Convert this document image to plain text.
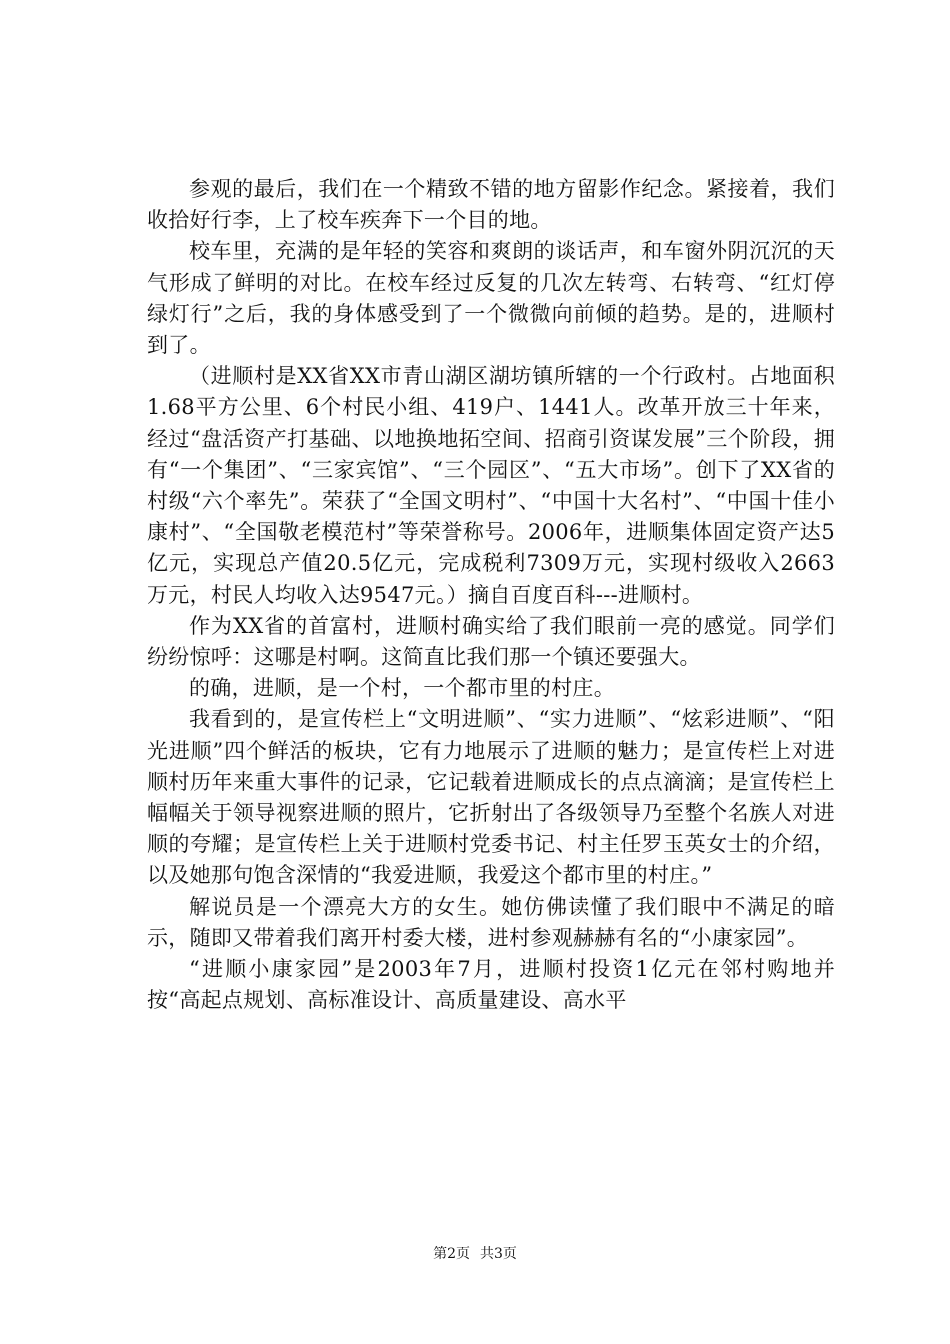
参观的最后，我们在一个精致不错的地方留影作纪念。紧接着，我们收拾好行李，上了校车疾奔下一个目的地。

校车里，充满的是年轻的笑容和爽朗的谈话声，和车窗外阴沉沉的天气形成了鲜明的对比。在校车经过反复的几次左转弯、右转弯、“红灯停绿灯行”之后，我的身体感受到了一个微微向前倾的趋势。是的，进顺村到了。

（进顺村是XX省XX市青山湖区湖坊镇所辖的一个行政村。占地面积1.68平方公里、6个村民小组、419户、1441人。改革开放三十年来，经过“盘活资产打基础、以地换地拓空间、招商引资谋发展”三个阶段，拥有“一个集团”、“三家宾馆”、“三个园区”、“五大市场”。创下了XX省的村级“六个率先”。荣获了“全国文明村”、“中国十大名村”、“中国十佳小康村”、“全国敬老模范村”等荣誉称号。2006年，进顺集体固定资产达5亿元，实现总产值20.5亿元，完成税利7309万元，实现村级收入2663万元，村民人均收入达9547元。）摘自百度百科---进顺村。

作为XX省的首富村，进顺村确实给了我们眼前一亮的感觉。同学们纷纷惊呼：这哪是村啊。这简直比我们那一个镇还要强大。

的确，进顺，是一个村，一个都市里的村庄。

我看到的，是宣传栏上“文明进顺”、“实力进顺”、“炫彩进顺”、“阳光进顺”四个鲜活的板块，它有力地展示了进顺的魅力；是宣传栏上对进顺村历年来重大事件的记录，它记载着进顺成长的点点滴滴；是宣传栏上幅幅关于领导视察进顺的照片，它折射出了各级领导乃至整个名族人对进顺的夸耀；是宣传栏上关于进顺村党委书记、村主任罗玉英女士的介绍，以及她那句饱含深情的“我爱进顺，我爱这个都市里的村庄。”

解说员是一个漂亮大方的女生。她仿佛读懂了我们眼中不满足的暗示，随即又带着我们离开村委大楼，进村参观赫赫有名的“小康家园”。

“进顺小康家园”是2003年7月，进顺村投资1亿元在邻村购地并按“高起点规划、高标准设计、高质量建设、高水平

第2页 共3页
